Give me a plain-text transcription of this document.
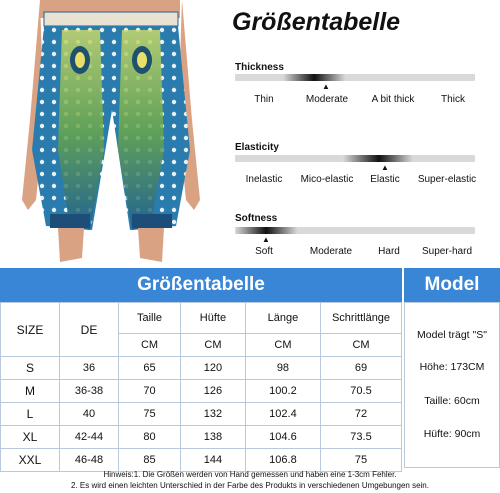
Größentabelle
Thickness
▲
Thin	Moderate	A bit thick	Thick
Elasticity
▲
Inelastic	Mico-elastic	Elastic	Super-elastic
Softness
▲
Soft	Moderate	Hard	Super-hard
Größentabelle
SIZE	DE	Taille	Hüfte	Länge	Schrittlänge
		CM	CM	CM	CM
S	36	65	120	98	69
M	36-38	70	126	100.2	70.5
L	40	75	132	102.4	72
XL	42-44	80	138	104.6	73.5
XXL	46-48	85	144	106.8	75
Model
Model trägt "S"
Höhe: 173CM
Taille: 60cm
Hüfte: 90cm
Hinweis:1. Die Größen werden von Hand gemessen und haben eine 1-3cm Fehler.
2. Es wird einen leichten Unterschied in der Farbe des Produkts in verschiedenen Umgebungen sein.
